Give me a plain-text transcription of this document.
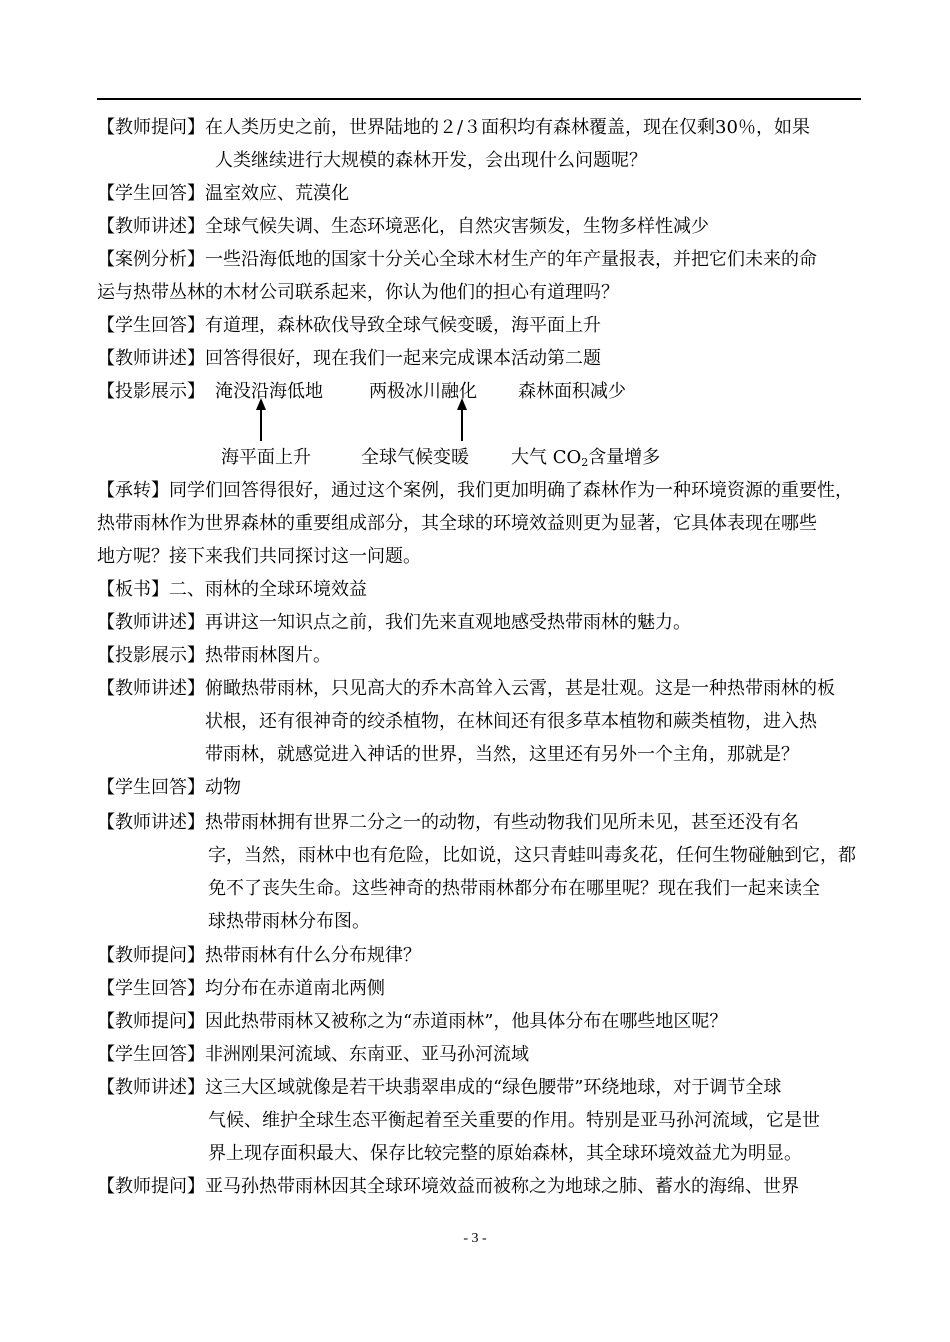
【教师提问】在人类历史之前，世界陆地的２/３面积均有森林覆盖，现在仅剩30％，如果
人类继续进行大规模的森林开发，会出现什么问题呢？
【学生回答】温室效应、荒漠化
【教师讲述】全球气候失调、生态环境恶化，自然灾害频发，生物多样性减少
【案例分析】一些沿海低地的国家十分关心全球木材生产的年产量报表，并把它们未来的命
运与热带丛林的木材公司联系起来，你认为他们的担心有道理吗？
【学生回答】有道理，森林砍伐导致全球气候变暖，海平面上升
【教师讲述】回答得很好，现在我们一起来完成课本活动第二题
【投影展示】 淹没沿海低地	两极冰川融化 森林面积减少
海平面上升	全球气候变暖 大气 $CO_2$含量增多
【承转】同学们回答得很好，通过这个案例，我们更加明确了森林作为一种环境资源的重要性，
热带雨林作为世界森林的重要组成部分，其全球的环境效益则更为显著，它具体表现在哪些
地方呢？接下来我们共同探讨这一问题。
【板书】二、雨林的全球环境效益
【教师讲述】再讲这一知识点之前，我们先来直观地感受热带雨林的魅力。
【投影展示】热带雨林图片。
【教师讲述】俯瞰热带雨林，只见高大的乔木高耸入云霄，甚是壮观。这是一种热带雨林的板
状根，还有很神奇的绞杀植物，在林间还有很多草本植物和蕨类植物，进入热
带雨林，就感觉进入神话的世界，当然，这里还有另外一个主角，那就是？
【学生回答】动物
【教师讲述】热带雨林拥有世界二分之一的动物，有些动物我们见所未见，甚至还没有名
字，当然，雨林中也有危险，比如说，这只青蛙叫毒炙花，任何生物碰触到它，都
免不了丧失生命。这些神奇的热带雨林都分布在哪里呢？现在我们一起来读全
球热带雨林分布图。
【教师提问】热带雨林有什么分布规律？
【学生回答】均分布在赤道南北两侧
【教师提问】因此热带雨林又被称之为“赤道雨林”，他具体分布在哪些地区呢？
【学生回答】非洲刚果河流域、东南亚、亚马孙河流域
【教师讲述】这三大区域就像是若干块翡翠串成的“绿色腰带”环绕地球，对于调节全球
气候、维护全球生态平衡起着至关重要的作用。特别是亚马孙河流域，它是世
界上现存面积最大、保存比较完整的原始森林，其全球环境效益尤为明显。
【教师提问】亚马孙热带雨林因其全球环境效益而被称之为地球之肺、蓄水的海绵、世界
- 3 -
